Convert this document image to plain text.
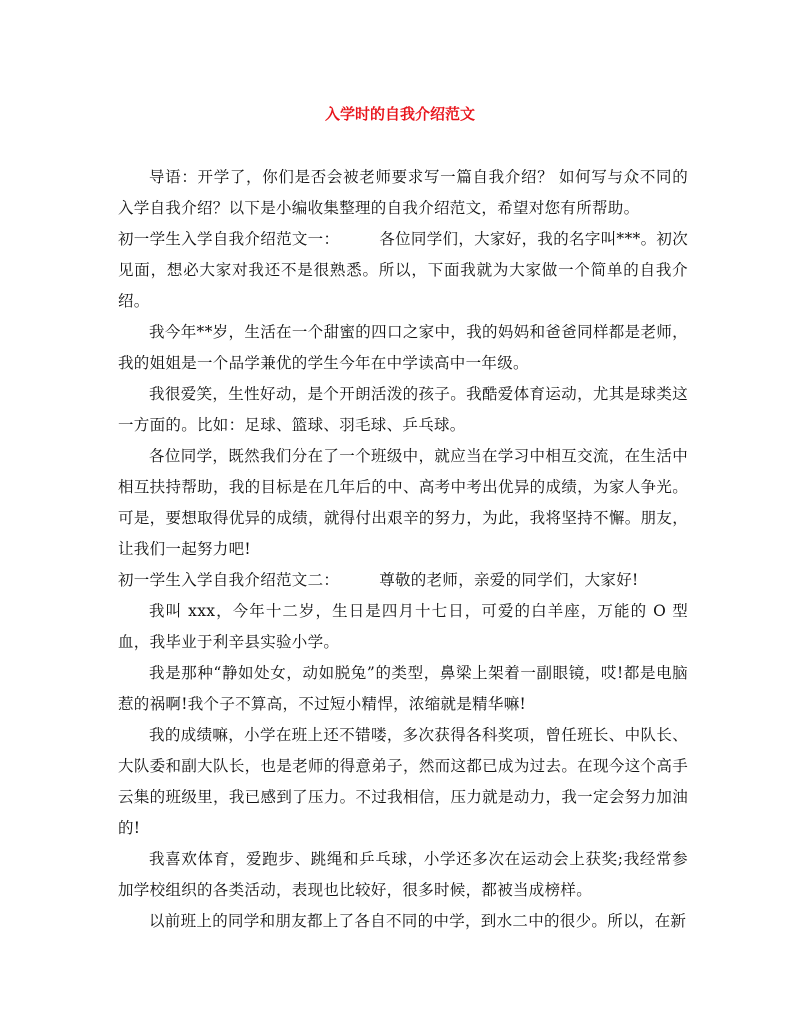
入学时的自我介绍范文

导语：开学了，你们是否会被老师要求写一篇自我介绍？ 如何写与众不同的入学自我介绍？以下是小编收集整理的自我介绍范文，希望对您有所帮助。

初一学生入学自我介绍范文一：	各位同学们，大家好，我的名字叫***。初次见面，想必大家对我还不是很熟悉。所以，下面我就为大家做一个简单的自我介绍。

我今年**岁，生活在一个甜蜜的四口之家中，我的妈妈和爸爸同样都是老师，我的姐姐是一个品学兼优的学生今年在中学读高中一年级。

我很爱笑，生性好动，是个开朗活泼的孩子。我酷爱体育运动，尤其是球类这一方面的。比如：足球、篮球、羽毛球、乒乓球。

各位同学，既然我们分在了一个班级中，就应当在学习中相互交流，在生活中相互扶持帮助，我的目标是在几年后的中、高考中考出优异的成绩，为家人争光。可是，要想取得优异的成绩，就得付出艰辛的努力，为此，我将坚持不懈。朋友，让我们一起努力吧!

初一学生入学自我介绍范文二：	尊敬的老师，亲爱的同学们，大家好!

我叫 xxx，今年十二岁，生日是四月十七日，可爱的白羊座，万能的 O 型血，我毕业于利辛县实验小学。

我是那种“静如处女，动如脱兔”的类型，鼻梁上架着一副眼镜，哎!都是电脑惹的祸啊!我个子不算高，不过短小精悍，浓缩就是精华嘛!

我的成绩嘛，小学在班上还不错喽，多次获得各科奖项，曾任班长、中队长、大队委和副大队长，也是老师的得意弟子，然而这都已成为过去。在现今这个高手云集的班级里，我已感到了压力。不过我相信，压力就是动力，我一定会努力加油的!

我喜欢体育，爱跑步、跳绳和乒乓球，小学还多次在运动会上获奖;我经常参加学校组织的各类活动，表现也比较好，很多时候，都被当成榜样。

以前班上的同学和朋友都上了各自不同的中学，到水二中的很少。所以，在新
